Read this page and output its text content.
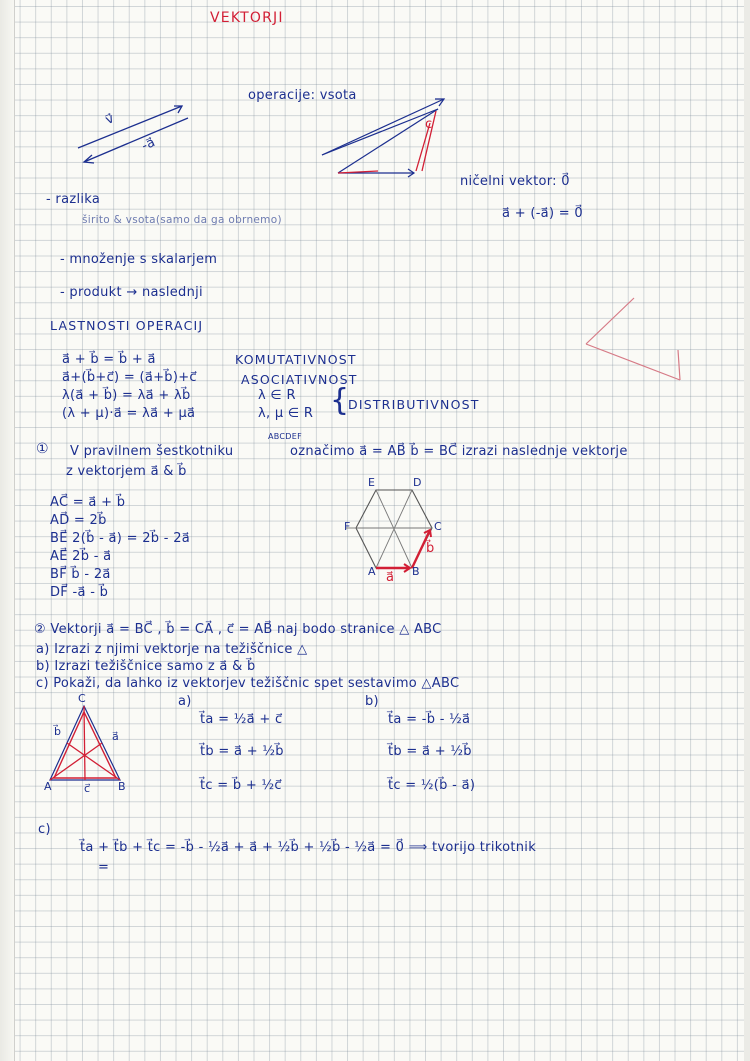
VEKTORJI
v⃗
-a⃗
operacije: vsota
c
ničelni vektor: 0⃗
a⃗ + (-a⃗) = 0⃗
- razlika
širito & vsota(samo da ga obrnemo)
- množenje s skalarjem
- produkt → naslednji
LASTNOSTI OPERACIJ
a⃗ + b⃗ = b⃗ + a⃗	KOMUTATIVNOST
a⃗+(b⃗+c⃗) = (a⃗+b⃗)+c⃗	ASOCIATIVNOST
λ(a⃗ + b⃗) = λa⃗ + λb⃗	λ ∈ R
(λ + μ)·a⃗ = λa⃗ + μa⃗	λ, μ ∈ R {
DISTRIBUTIVNOST
① V pravilnem šestkotniku
ABCDEF
označimo a⃗ = AB⃗ b⃗ = BC⃗ izrazi naslednje vektorje
z vektorjem a⃗ & b⃗
AC⃗ = a⃗ + b⃗
AD⃗ = 2b⃗
BE⃗ 2(b⃗ - a⃗) = 2b⃗ - 2a⃗
AE⃗ 2b⃗ - a⃗
BF⃗ b⃗ - 2a⃗
DF⃗ -a⃗ - b⃗
A	B
C
D
E
F
a⃗
b⃗
② Vektorji a⃗ = BC⃗ , b⃗ = CA⃗ , c⃗ = AB⃗ naj bodo stranice △ ABC
a) Izrazi z njimi vektorje na težiščnice △
b) Izrazi težiščnice samo z a⃗ & b⃗
c) Pokaži, da lahko iz vektorjev težiščnic spet sestavimo △ABC
C
A	B
c⃗
b⃗	a⃗
a)
t⃗a = ½a⃗ + c⃗
t⃗b = a⃗ + ½b⃗
t⃗c = b⃗ + ½c⃗
b)
t⃗a = -b⃗ - ½a⃗
t⃗b = a⃗ + ½b⃗
t⃗c = ½(b⃗ - a⃗)
c)
t⃗a + t⃗b + t⃗c = -b⃗ - ½a⃗ + a⃗ + ½b⃗ + ½b⃗ - ½a⃗ = 0⃗ ⟹ tvorijo trikotnik
=
